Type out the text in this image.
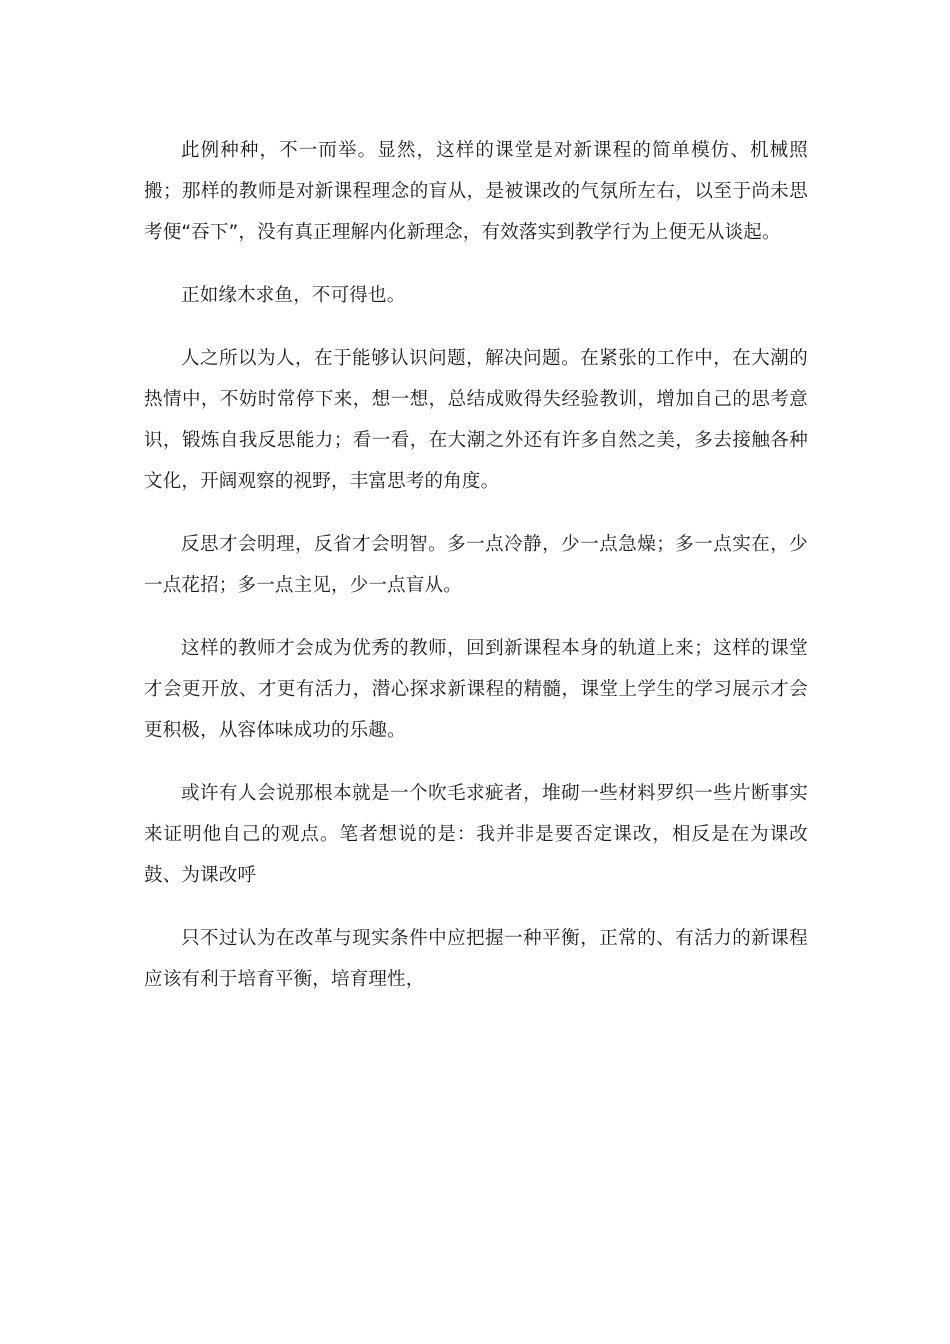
此例种种，不一而举。显然，这样的课堂是对新课程的简单模仿、机械照搬；那样的教师是对新课程理念的盲从，是被课改的气氛所左右，以至于尚未思考便“吞下”，没有真正理解内化新理念，有效落实到教学行为上便无从谈起。

正如缘木求鱼，不可得也。

人之所以为人，在于能够认识问题，解决问题。在紧张的工作中，在大潮的热情中，不妨时常停下来，想一想，总结成败得失经验教训，增加自己的思考意识，锻炼自我反思能力；看一看，在大潮之外还有许多自然之美，多去接触各种文化，开阔观察的视野，丰富思考的角度。

反思才会明理，反省才会明智。多一点冷静，少一点急燥；多一点实在，少一点花招；多一点主见，少一点盲从。

这样的教师才会成为优秀的教师，回到新课程本身的轨道上来；这样的课堂才会更开放、才更有活力，潜心探求新课程的精髓，课堂上学生的学习展示才会更积极，从容体味成功的乐趣。

或许有人会说那根本就是一个吹毛求疵者，堆砌一些材料罗织一些片断事实来证明他自己的观点。笔者想说的是：我并非是要否定课改，相反是在为课改鼓、为课改呼

只不过认为在改革与现实条件中应把握一种平衡，正常的、有活力的新课程应该有利于培育平衡，培育理性，
